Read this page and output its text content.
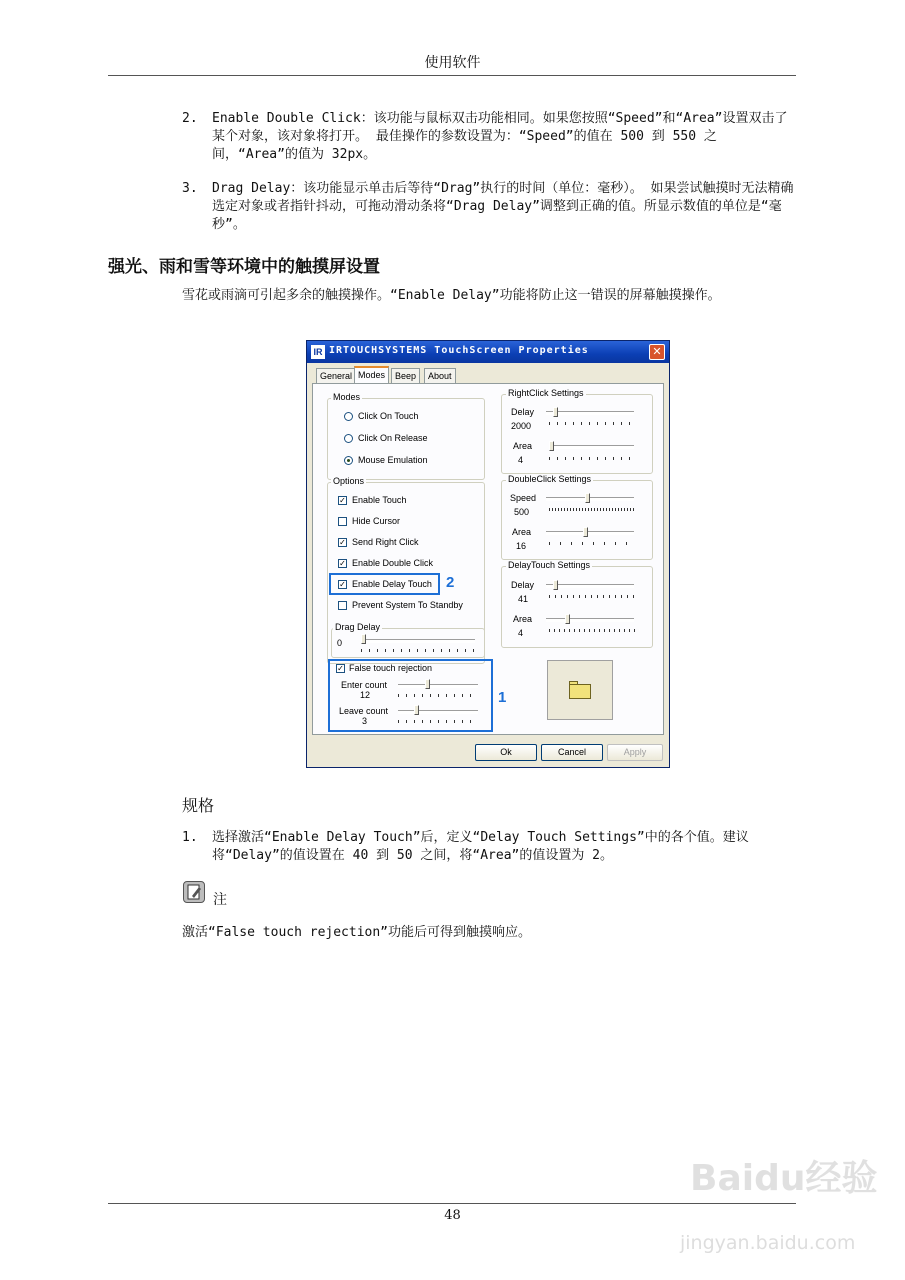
使用软件
2.	Enable Double Click：该功能与鼠标双击功能相同。如果您按照“Speed”和“Area”设置双击了某个对象，该对象将打开。 最佳操作的参数设置为：“Speed”的值在 500 到 550 之间，“Area”的值为 32px。
3.	Drag Delay：该功能显示单击后等待“Drag”执行的时间（单位：毫秒）。 如果尝试触摸时无法精确选定对象或者指针抖动，可拖动滑动条将“Drag Delay”调整到正确的值。所显示数值的单位是“毫秒”。
强光、雨和雪等环境中的触摸屏设置
雪花或雨滴可引起多余的触摸操作。“Enable Delay”功能将防止这一错误的屏幕触摸操作。
IR IRTOUCHSYSTEMS TouchScreen Properties	✕
General Modes	Beep	About
Modes
Click On Touch
Click On Release
Mouse Emulation
Options
✓ Enable Touch
Hide Cursor
✓ Send Right Click
✓ Enable Double Click
✓ Enable Delay Touch 2
Prevent System To Standby
Drag Delay
0
✓ False touch rejection
Enter count
12
Leave count
3
1
RightClick Settings
Delay
2000
Area
4
DoubleClick Settings
Speed
500
Area
16
DelayTouch Settings
Delay
41
Area
4
Ok	Cancel	Apply
规格
1.	选择激活“Enable Delay Touch”后，定义“Delay Touch Settings”中的各个值。建议将“Delay”的值设置在 40 到 50 之间，将“Area”的值设置为 2。
注
激活“False touch rejection”功能后可得到触摸响应。
48
Baidu经验
jingyan.baidu.com
